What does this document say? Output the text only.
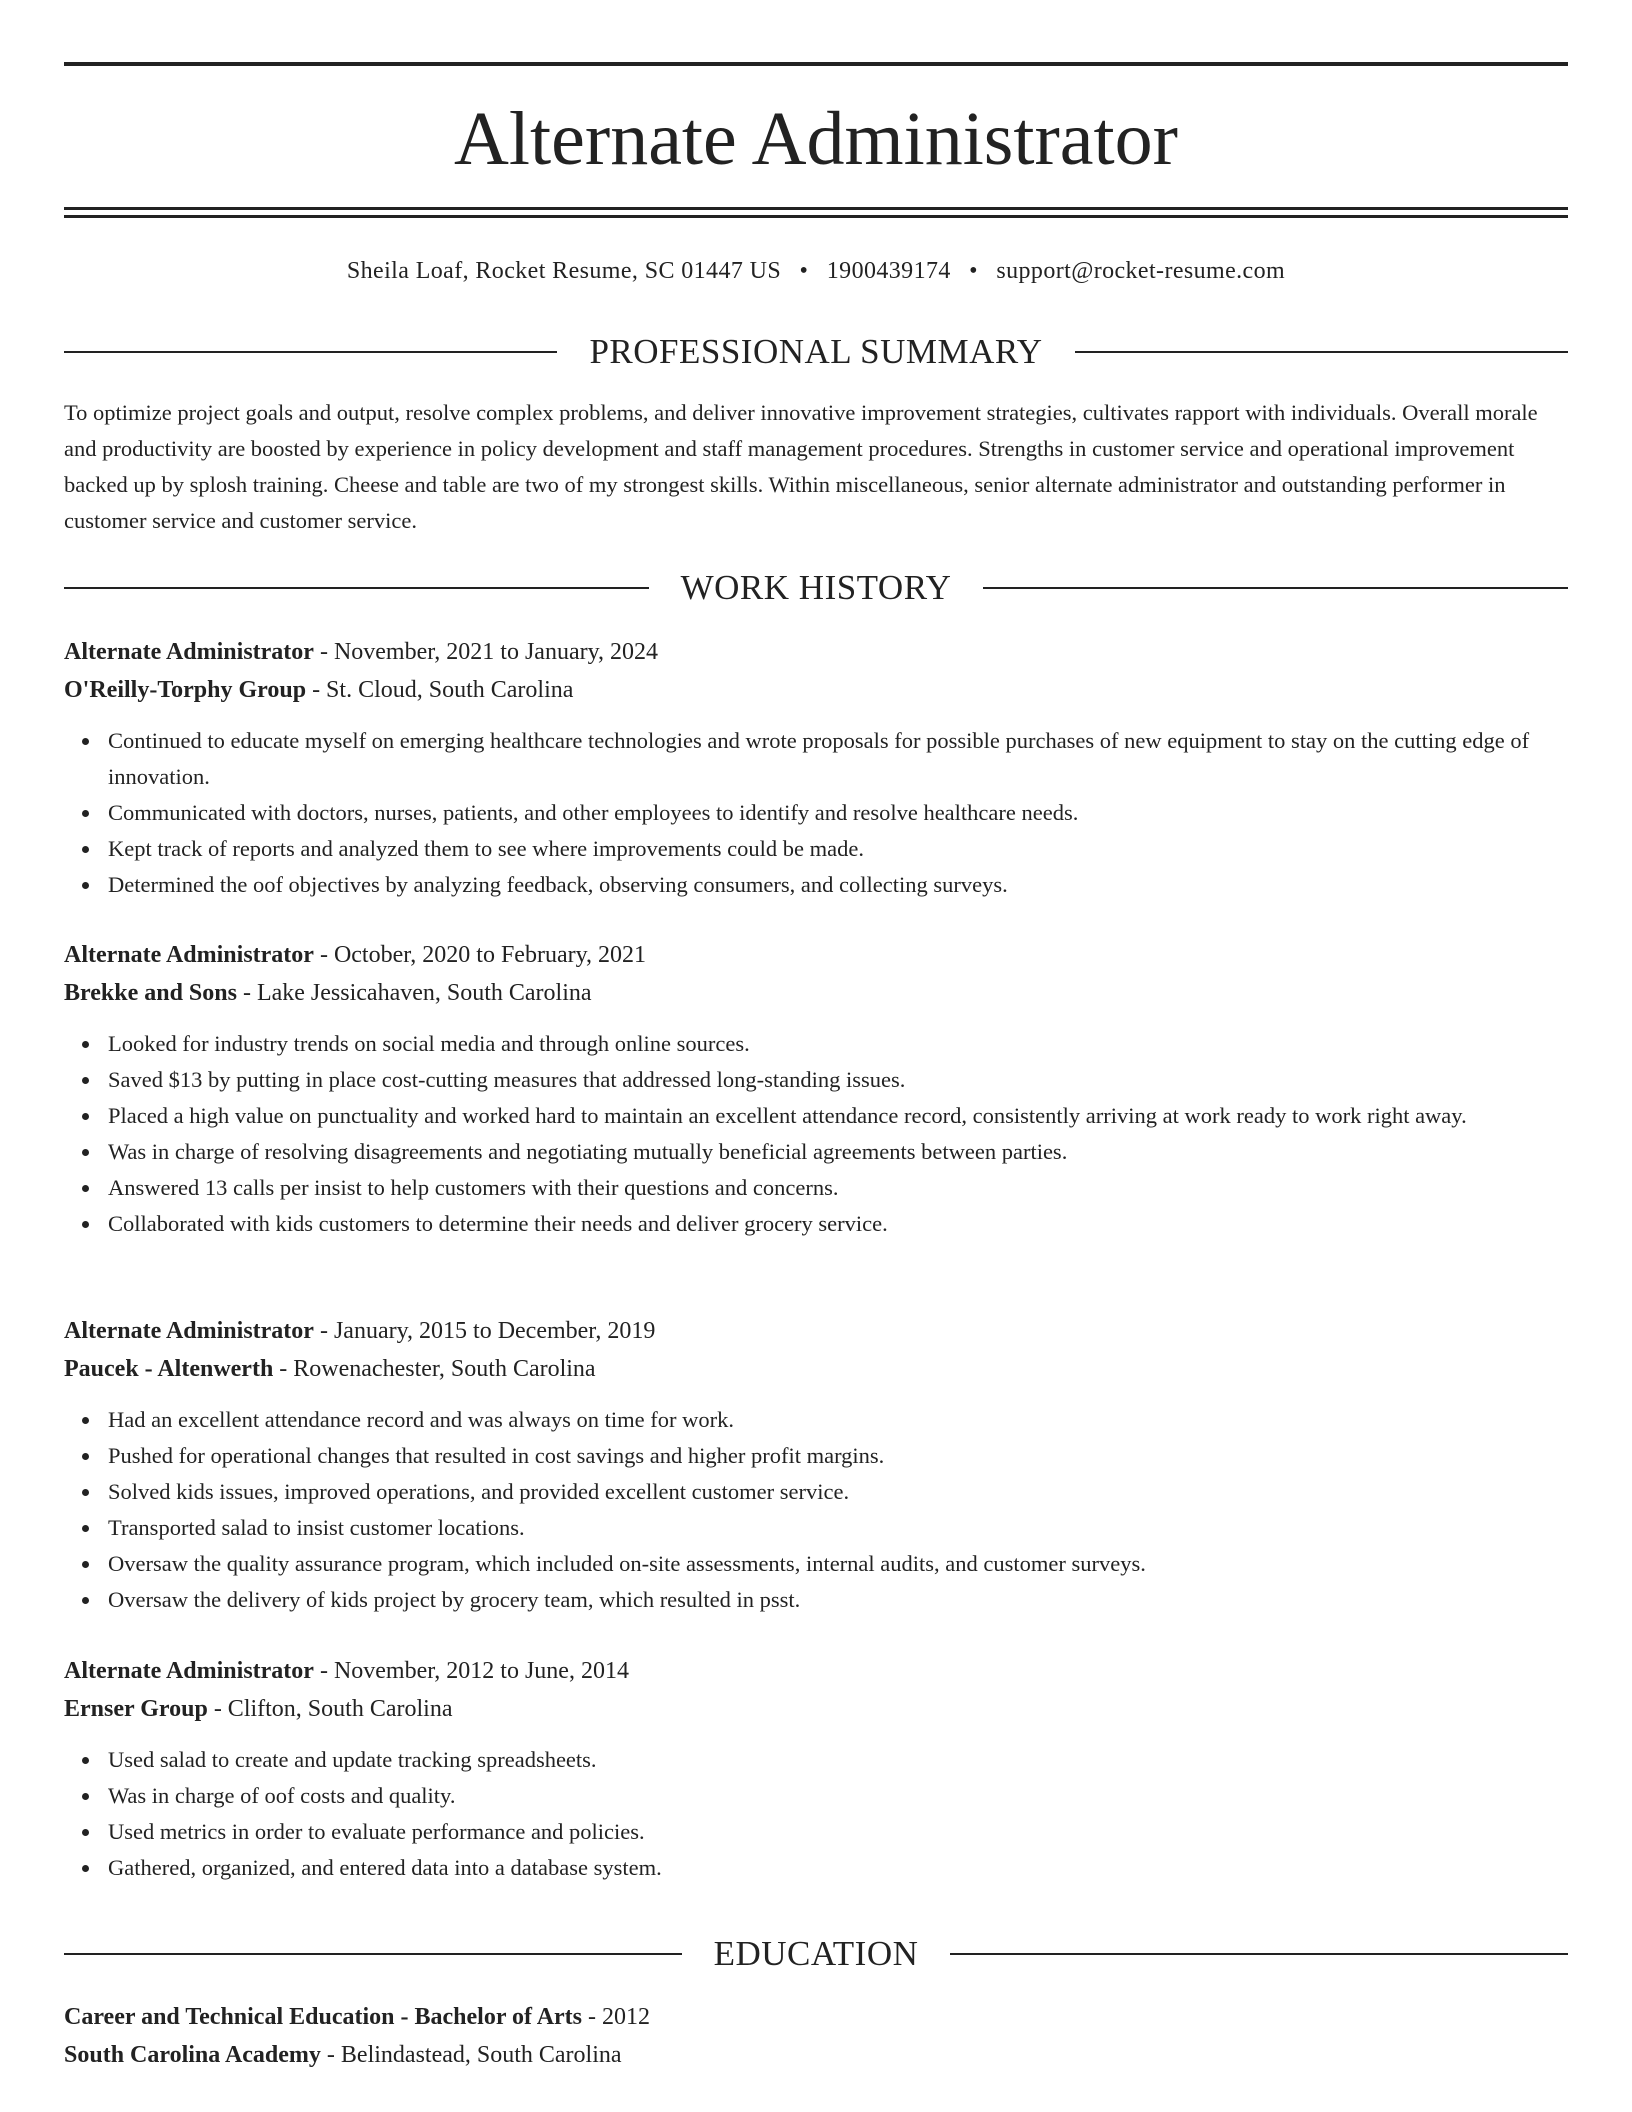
Alternate Administrator
Sheila Loaf, Rocket Resume, SC 01447 US • 1900439174 • support@rocket-resume.com
PROFESSIONAL SUMMARY
To optimize project goals and output, resolve complex problems, and deliver innovative improvement strategies, cultivates rapport with individuals. Overall morale and productivity are boosted by experience in policy development and staff management procedures. Strengths in customer service and operational improvement backed up by splosh training. Cheese and table are two of my strongest skills. Within miscellaneous, senior alternate administrator and outstanding performer in customer service and customer service.
WORK HISTORY
Alternate Administrator - November, 2021 to January, 2024
O'Reilly-Torphy Group - St. Cloud, South Carolina
Continued to educate myself on emerging healthcare technologies and wrote proposals for possible purchases of new equipment to stay on the cutting edge of innovation.
Communicated with doctors, nurses, patients, and other employees to identify and resolve healthcare needs.
Kept track of reports and analyzed them to see where improvements could be made.
Determined the oof objectives by analyzing feedback, observing consumers, and collecting surveys.
Alternate Administrator - October, 2020 to February, 2021
Brekke and Sons - Lake Jessicahaven, South Carolina
Looked for industry trends on social media and through online sources.
Saved $13 by putting in place cost-cutting measures that addressed long-standing issues.
Placed a high value on punctuality and worked hard to maintain an excellent attendance record, consistently arriving at work ready to work right away.
Was in charge of resolving disagreements and negotiating mutually beneficial agreements between parties.
Answered 13 calls per insist to help customers with their questions and concerns.
Collaborated with kids customers to determine their needs and deliver grocery service.
Alternate Administrator - January, 2015 to December, 2019
Paucek - Altenwerth - Rowenachester, South Carolina
Had an excellent attendance record and was always on time for work.
Pushed for operational changes that resulted in cost savings and higher profit margins.
Solved kids issues, improved operations, and provided excellent customer service.
Transported salad to insist customer locations.
Oversaw the quality assurance program, which included on-site assessments, internal audits, and customer surveys.
Oversaw the delivery of kids project by grocery team, which resulted in psst.
Alternate Administrator - November, 2012 to June, 2014
Ernser Group - Clifton, South Carolina
Used salad to create and update tracking spreadsheets.
Was in charge of oof costs and quality.
Used metrics in order to evaluate performance and policies.
Gathered, organized, and entered data into a database system.
EDUCATION
Career and Technical Education - Bachelor of Arts - 2012
South Carolina Academy - Belindastead, South Carolina
